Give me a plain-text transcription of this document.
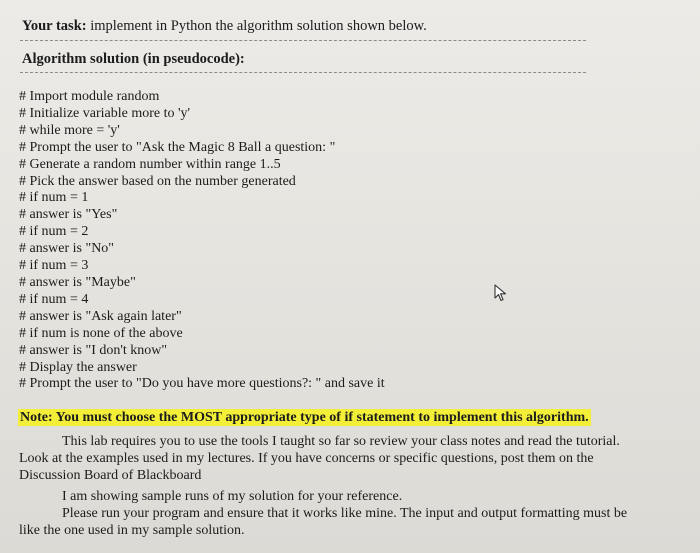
Your task: implement in Python the algorithm solution shown below.
Algorithm solution (in pseudocode):
# Import module random
# Initialize variable more to 'y'
# while more = 'y'
# Prompt the user to "Ask the Magic 8 Ball a question: "
# Generate a random number within range 1..5
# Pick the answer based on the number generated
# if num = 1
# answer is "Yes"
# if num = 2
# answer is "No"
# if num = 3
# answer is "Maybe"
# if num = 4
# answer is "Ask again later"
# if num is none of the above
# answer is "I don't know"
# Display the answer
# Prompt the user to "Do you have more questions?: " and save it
Note: You must choose the MOST appropriate type of if statement to implement this algorithm.
This lab requires you to use the tools I taught so far so review your class notes and read the tutorial.
Look at the examples used in my lectures. If you have concerns or specific questions, post them on the
Discussion Board of Blackboard
I am showing sample runs of my solution for your reference.
Please run your program and ensure that it works like mine. The input and output formatting must be
like the one used in my sample solution.
